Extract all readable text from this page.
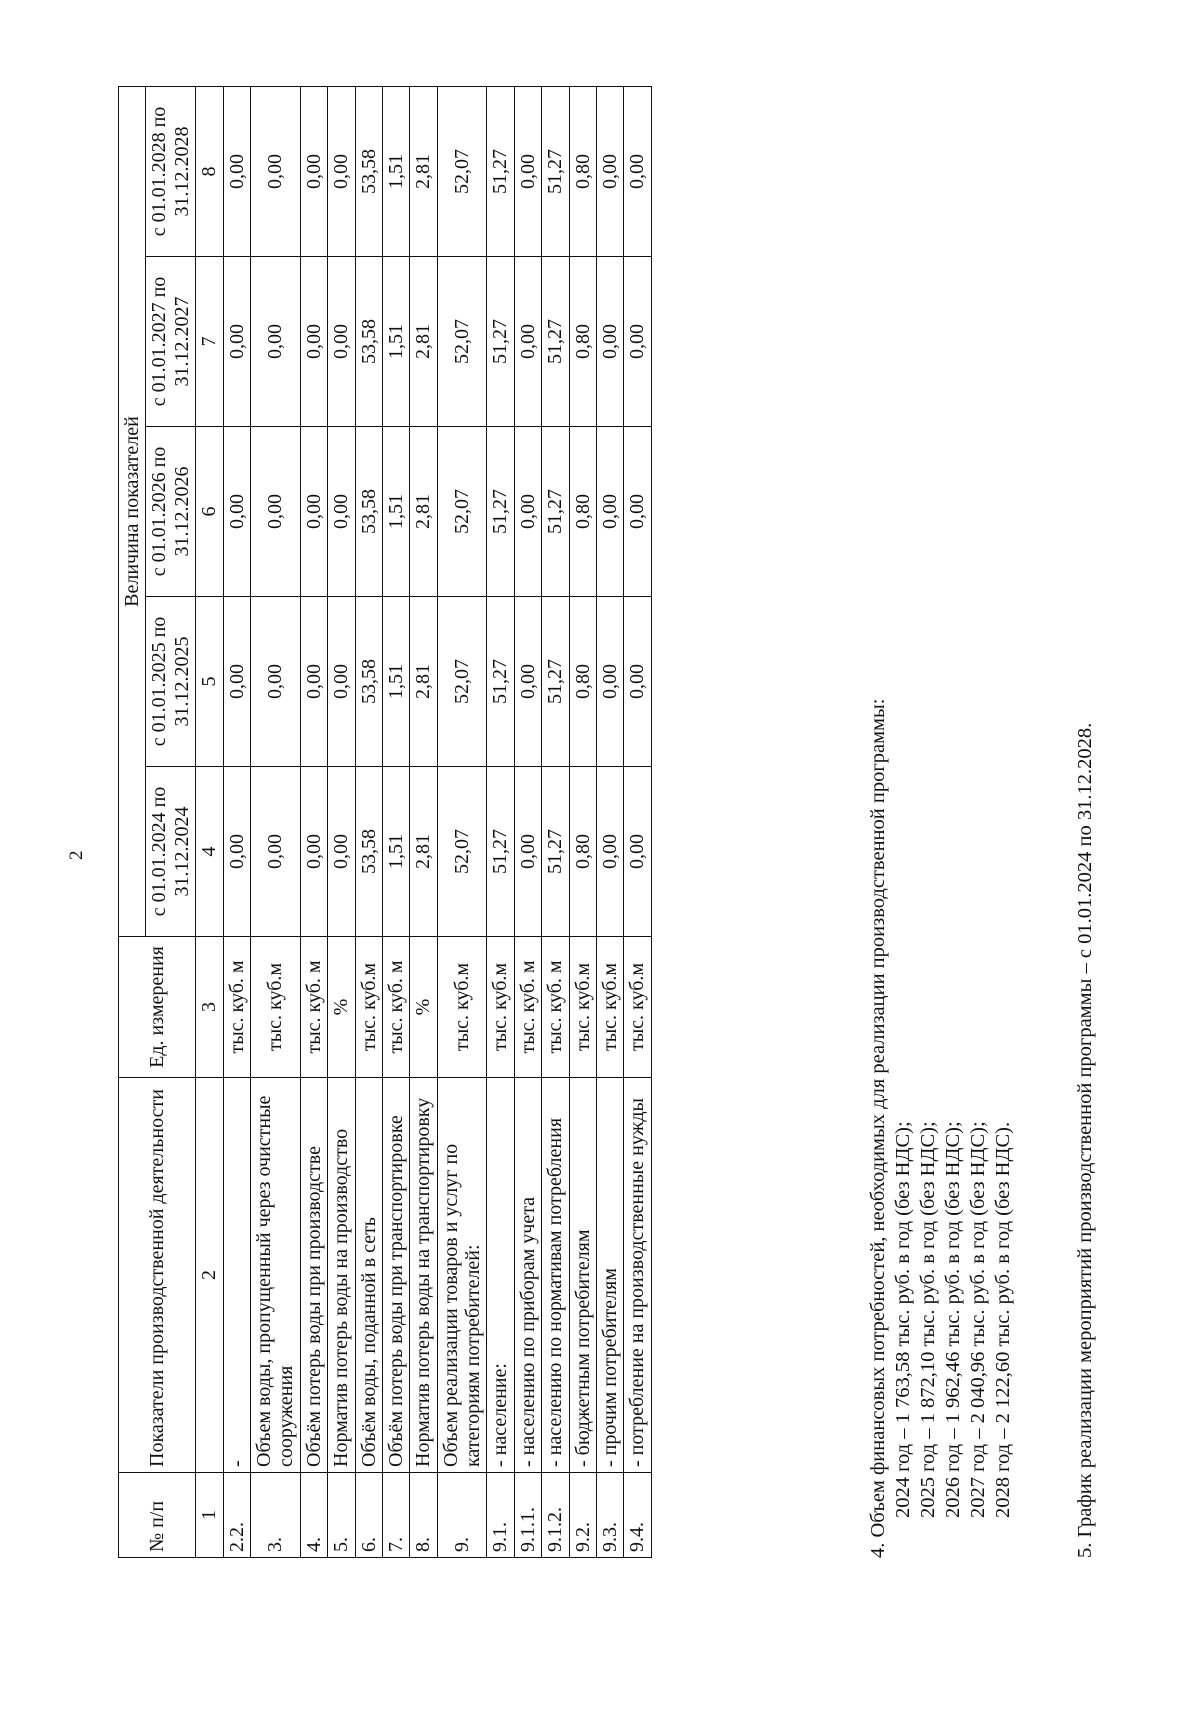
2
№ п/п	Показатели производственной деятельности	Ед. измерения	Величина показателей				
			с 01.01.2024 по 31.12.2024	с 01.01.2025 по 31.12.2025	с 01.01.2026 по 31.12.2026	с 01.01.2027 по 31.12.2027	с 01.01.2028 по 31.12.2028
1	2	3	4	5	6	7	8
2.2.	-	тыс. куб. м	0,00	0,00	0,00	0,00	0,00
3.	Объем воды, пропущенный через очистные сооружения	тыс. куб.м	0,00	0,00	0,00	0,00	0,00
4.	Объём потерь воды при производстве	тыс. куб. м	0,00	0,00	0,00	0,00	0,00
5.	Норматив потерь воды на производство	%	0,00	0,00	0,00	0,00	0,00
6.	Объём воды, поданной в сеть	тыс. куб.м	53,58	53,58	53,58	53,58	53,58
7.	Объём потерь воды при транспортировке	тыс. куб. м	1,51	1,51	1,51	1,51	1,51
8.	Норматив потерь воды на транспортировку	%	2,81	2,81	2,81	2,81	2,81
9.	Объем реализации товаров и услуг по категориям потребителей:	тыс. куб.м	52,07	52,07	52,07	52,07	52,07
9.1.	- население:	тыс. куб.м	51,27	51,27	51,27	51,27	51,27
9.1.1.	- населению по приборам учета	тыс. куб. м	0,00	0,00	0,00	0,00	0,00
9.1.2.	- населению по нормативам потребления	тыс. куб. м	51,27	51,27	51,27	51,27	51,27
9.2.	- бюджетным потребителям	тыс. куб.м	0,80	0,80	0,80	0,80	0,80
9.3.	- прочим потребителям	тыс. куб.м	0,00	0,00	0,00	0,00	0,00
9.4.	- потребление на производственные нужды	тыс. куб.м	0,00	0,00	0,00	0,00	0,00
4. Объем финансовых потребностей, необходимых для реализации производственной программы: 2024 год – 1 763,58 тыс. руб. в год (без НДС); 2025 год – 1 872,10 тыс. руб. в год (без НДС); 2026 год – 1 962,46 тыс. руб. в год (без НДС); 2027 год – 2 040,96 тыс. руб. в год (без НДС); 2028 год – 2 122,60 тыс. руб. в год (без НДС).	5. График реализации мероприятий производственной программы – с 01.01.2024 по 31.12.2028.
